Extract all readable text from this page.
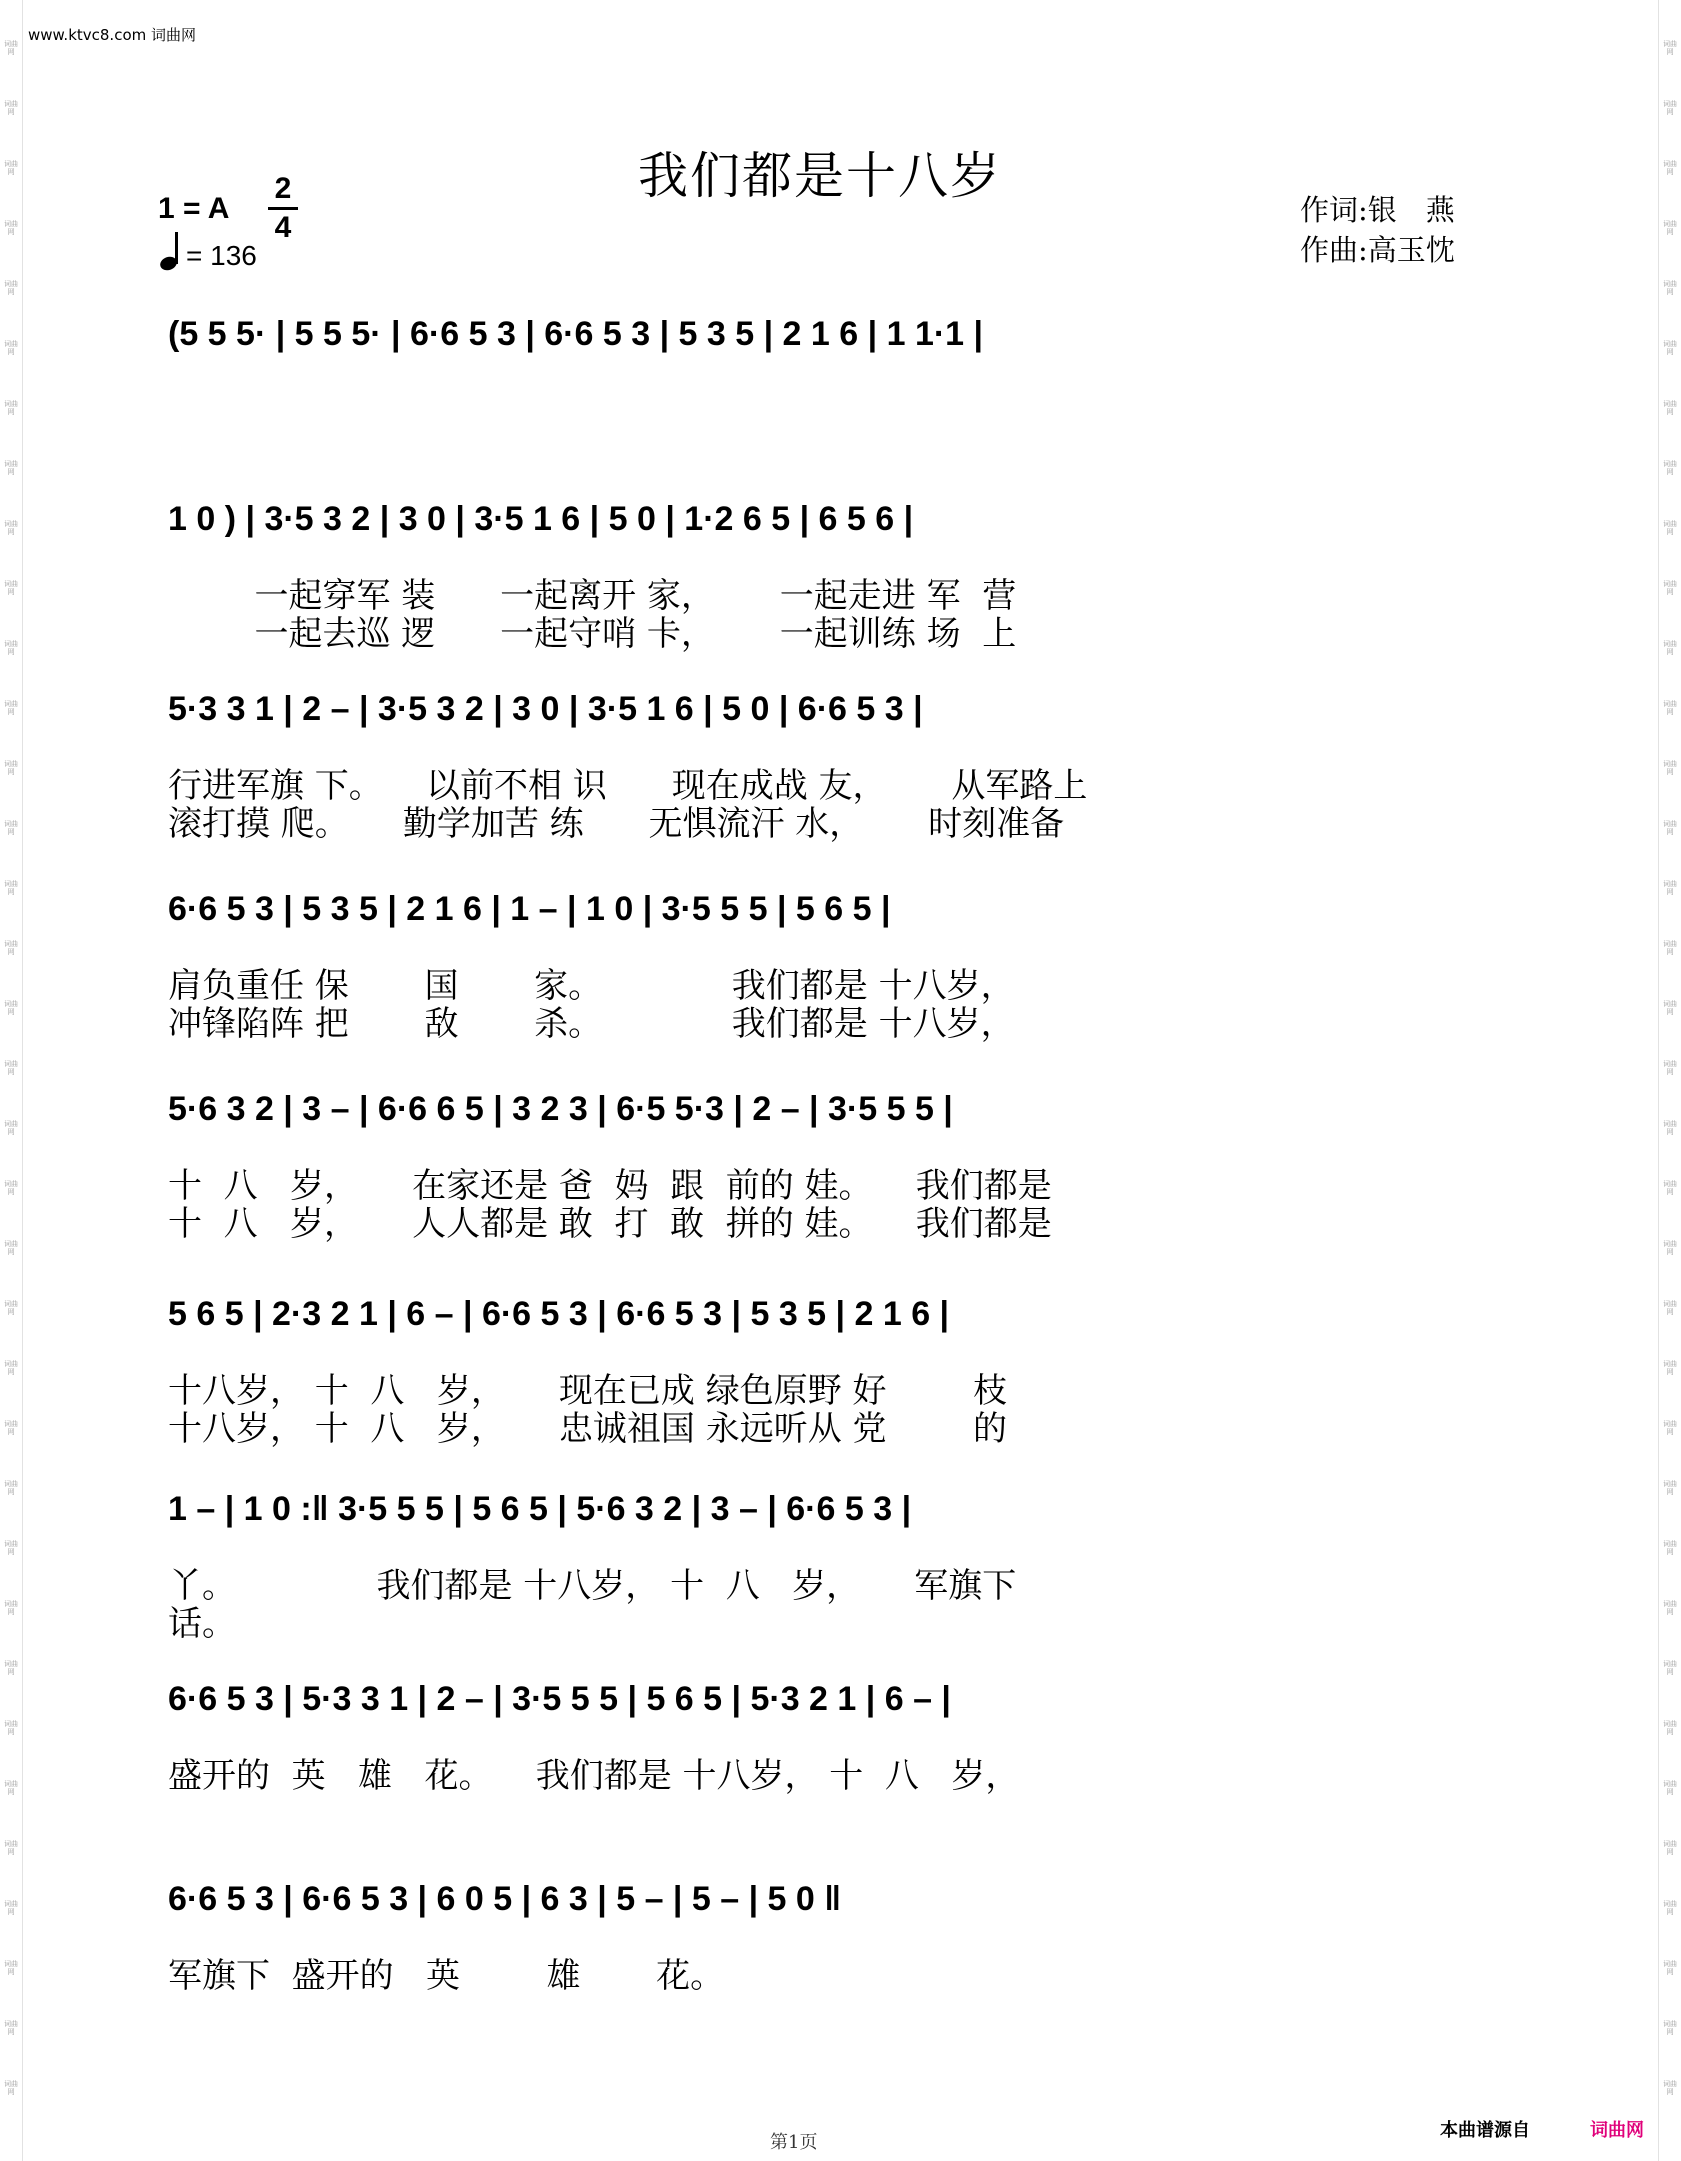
词曲网
词曲网
词曲网
词曲网
词曲网
词曲网
词曲网
词曲网
词曲网
词曲网
词曲网
词曲网
词曲网
词曲网
词曲网
词曲网
词曲网
词曲网
词曲网
词曲网
词曲网
词曲网
词曲网
词曲网
词曲网
词曲网
词曲网
词曲网
词曲网
词曲网
词曲网
词曲网
词曲网
词曲网
词曲网
词曲网
词曲网
词曲网
词曲网
词曲网
词曲网
词曲网
词曲网
词曲网
词曲网
词曲网
词曲网
词曲网
词曲网
词曲网
词曲网
词曲网
词曲网
词曲网
词曲网
词曲网
词曲网
词曲网
词曲网
词曲网
词曲网
词曲网
词曲网
词曲网
词曲网
词曲网
词曲网
词曲网
词曲网
词曲网
www.ktvc8.com 词曲网
我们都是十八岁
作词:银　燕
作曲:高玉忱
1 = A
2
4
= 136
(5 5 5· | 5 5 5· | 6·6 5 3 | 6·6 5 3 | 5 3 5 | 2 1 6 | 1 1·1 |
1 0 ) | 3·5 3 2 | 3 0 | 3·5 1 6 | 5 0 | 1·2 6 5 | 6 5 6 |
一起穿军 装      一起离开 家，      一起走进 军  营
一起去巡 逻      一起守哨 卡，      一起训练 场  上
5·3 3 1 | 2 – | 3·5 3 2 | 3 0 | 3·5 1 6 | 5 0 | 6·6 5 3 |
行进军旗 下。    以前不相 识      现在成战 友，      从军路上
滚打摸 爬。     勤学加苦 练      无惧流汗 水，      时刻准备
6·6 5 3 | 5 3 5 | 2 1 6 | 1 – | 1 0 | 3·5 5 5 | 5 6 5 |
肩负重任 保       国       家。            我们都是 十八岁，
冲锋陷阵 把       敌       杀。            我们都是 十八岁，
5·6 3 2 | 3 – | 6·6 6 5 | 3 2 3 | 6·5 5·3 | 2 – | 3·5 5 5 |
十  八   岁，     在家还是 爸  妈  跟  前的 娃。    我们都是
十  八   岁，     人人都是 敢  打  敢  拼的 娃。    我们都是
5 6 5 | 2·3 2 1 | 6 – | 6·6 5 3 | 6·6 5 3 | 5 3 5 | 2 1 6 |
十八岁， 十  八   岁，     现在已成 绿色原野 好        枝
十八岁， 十  八   岁，     忠诚祖国 永远听从 党        的
1 – | 1 0 :‖ 3·5 5 5 | 5 6 5 | 5·6 3 2 | 3 – | 6·6 5 3 |
丫。             我们都是 十八岁， 十  八   岁，     军旗下
话。
6·6 5 3 | 5·3 3 1 | 2 – | 3·5 5 5 | 5 6 5 | 5·3 2 1 | 6 – |
盛开的  英   雄   花。    我们都是 十八岁， 十  八   岁，
6·6 5 3 | 6·6 5 3 | 6 0 5 | 6 3 | 5 – | 5 – | 5 0 ‖
军旗下  盛开的   英        雄       花。
第1页
本曲谱源自	词曲网
